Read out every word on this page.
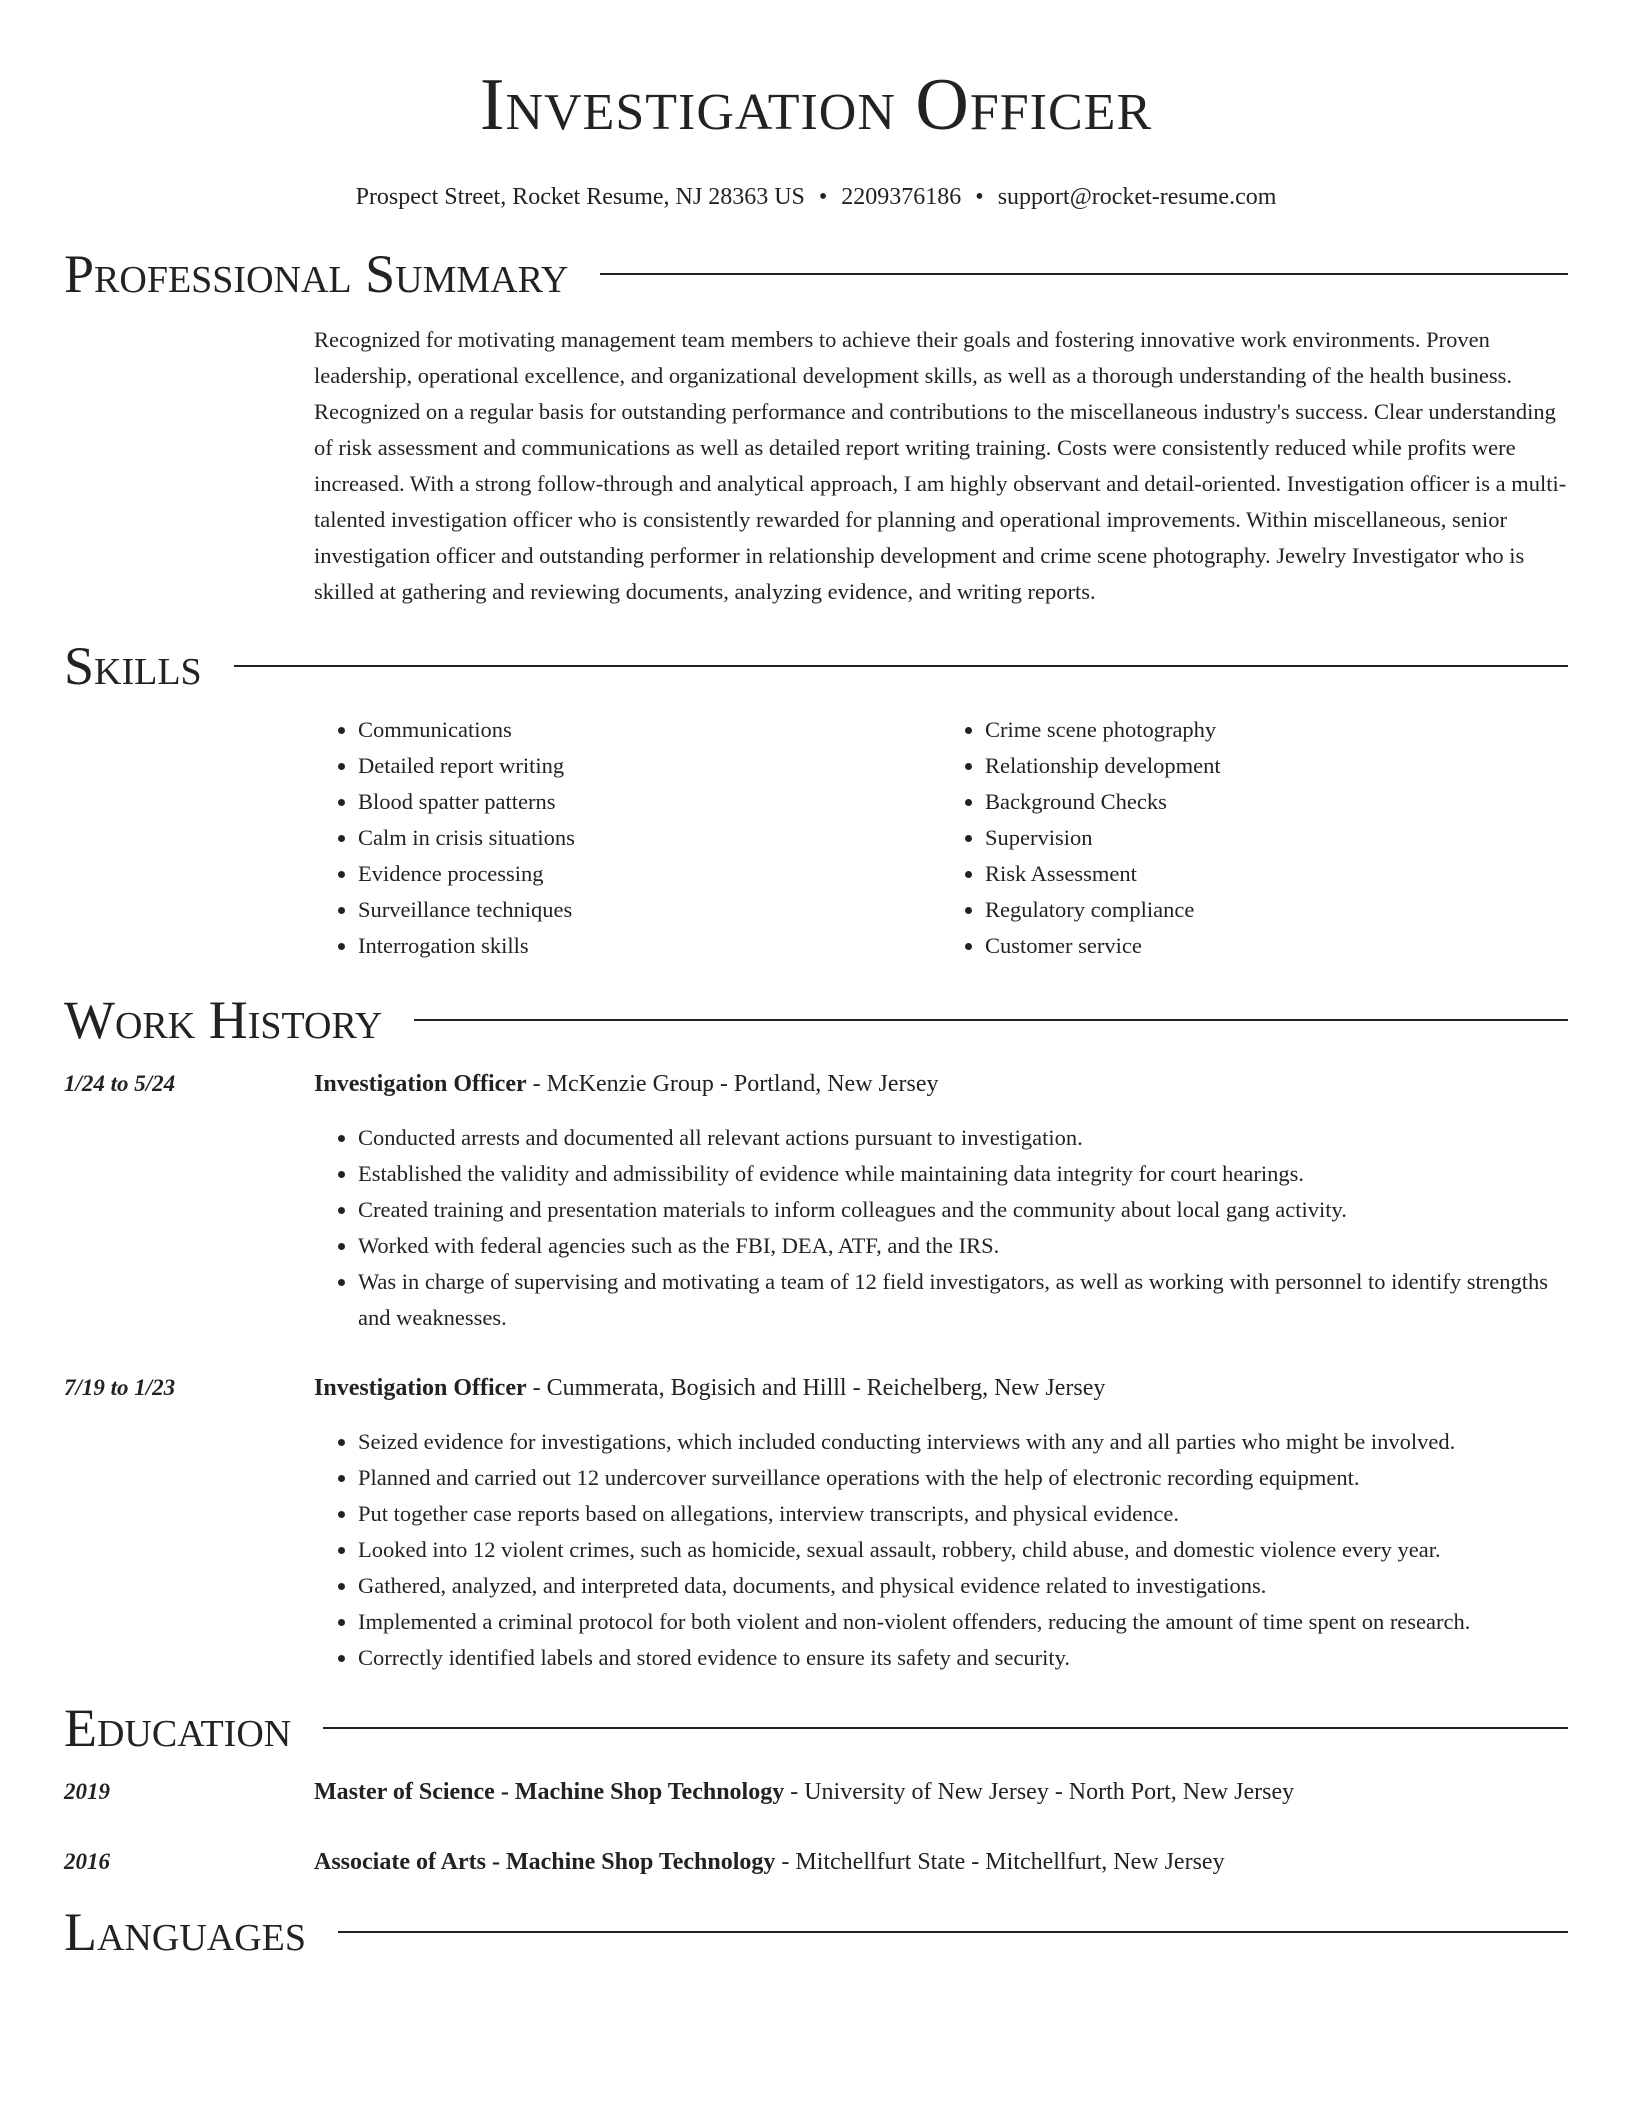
Investigation Officer
Prospect Street, Rocket Resume, NJ 28363 US • 2209376186 • support@rocket-resume.com
Professional Summary

Recognized for motivating management team members to achieve their goals and fostering innovative work environments. Proven leadership, operational excellence, and organizational development skills, as well as a thorough understanding of the health business. Recognized on a regular basis for outstanding performance and contributions to the miscellaneous industry's success. Clear understanding of risk assessment and communications as well as detailed report writing training. Costs were consistently reduced while profits were increased. With a strong follow-through and analytical approach, I am highly observant and detail-oriented. Investigation officer is a multi-talented investigation officer who is consistently rewarded for planning and operational improvements. Within miscellaneous, senior investigation officer and outstanding performer in relationship development and crime scene photography. Jewelry Investigator who is skilled at gathering and reviewing documents, analyzing evidence, and writing reports.

Skills
• Communications
• Detailed report writing
• Blood spatter patterns
• Calm in crisis situations
• Evidence processing
• Surveillance techniques
• Interrogation skills
• Crime scene photography
• Relationship development
• Background Checks
• Supervision
• Risk Assessment
• Regulatory compliance
• Customer service
Work History
1/24 to 5/24	Investigation Officer - McKenzie Group - Portland, New Jersey
• Conducted arrests and documented all relevant actions pursuant to investigation.
• Established the validity and admissibility of evidence while maintaining data integrity for court hearings.
• Created training and presentation materials to inform colleagues and the community about local gang activity.
• Worked with federal agencies such as the FBI, DEA, ATF, and the IRS.
• Was in charge of supervising and motivating a team of 12 field investigators, as well as working with personnel to identify strengths and weaknesses.
7/19 to 1/23	Investigation Officer - Cummerata, Bogisich and Hilll - Reichelberg, New Jersey
• Seized evidence for investigations, which included conducting interviews with any and all parties who might be involved.
• Planned and carried out 12 undercover surveillance operations with the help of electronic recording equipment.
• Put together case reports based on allegations, interview transcripts, and physical evidence.
• Looked into 12 violent crimes, such as homicide, sexual assault, robbery, child abuse, and domestic violence every year.
• Gathered, analyzed, and interpreted data, documents, and physical evidence related to investigations.
• Implemented a criminal protocol for both violent and non-violent offenders, reducing the amount of time spent on research.
• Correctly identified labels and stored evidence to ensure its safety and security.
Education
2019	Master of Science - Machine Shop Technology - University of New Jersey - North Port, New Jersey
2016	Associate of Arts - Machine Shop Technology - Mitchellfurt State - Mitchellfurt, New Jersey
Languages
